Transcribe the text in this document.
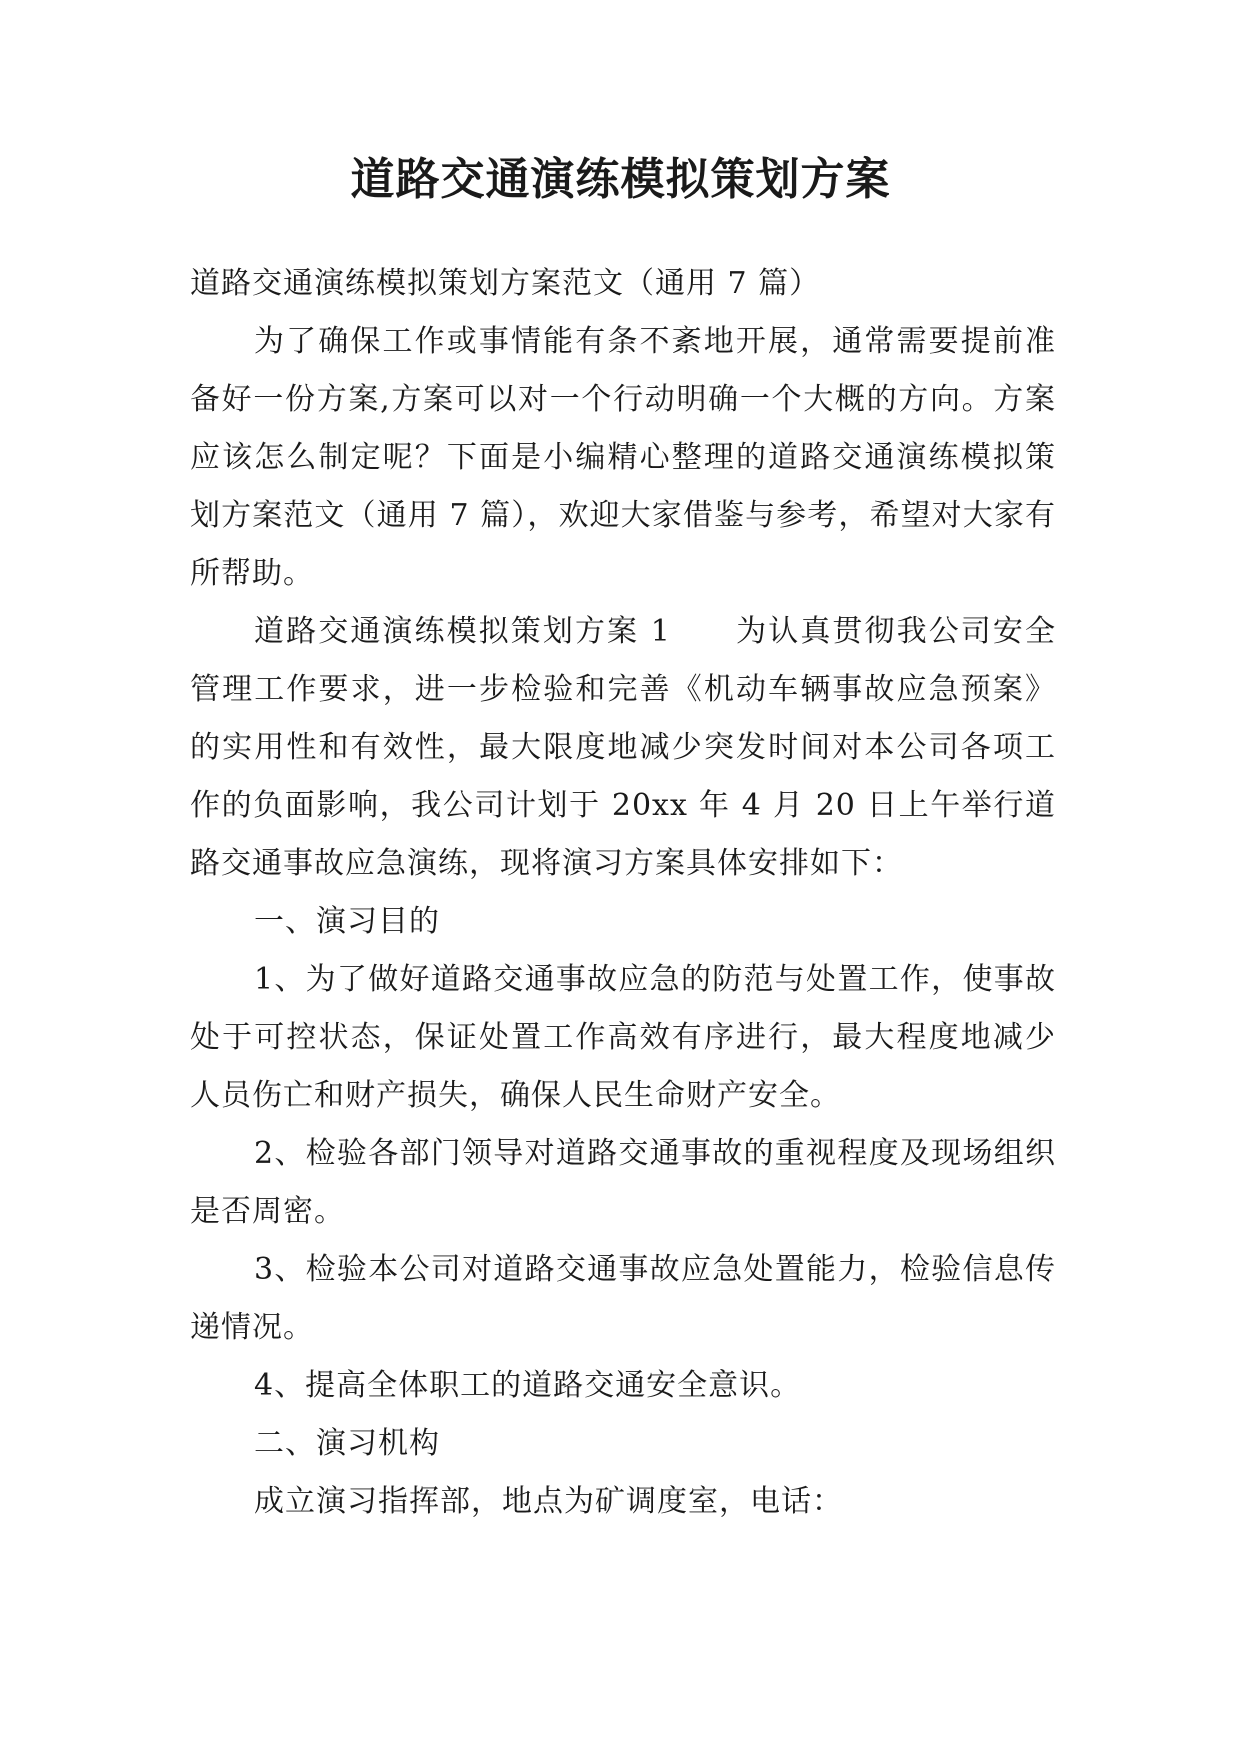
道路交通演练模拟策划方案

道路交通演练模拟策划方案范文（通用 7 篇）

为了确保工作或事情能有条不紊地开展，通常需要提前准备好一份方案,方案可以对一个行动明确一个大概的方向。方案应该怎么制定呢？下面是小编精心整理的道路交通演练模拟策划方案范文（通用 7 篇），欢迎大家借鉴与参考，希望对大家有所帮助。

道路交通演练模拟策划方案 1　　为认真贯彻我公司安全管理工作要求，进一步检验和完善《机动车辆事故应急预案》的实用性和有效性，最大限度地减少突发时间对本公司各项工作的负面影响，我公司计划于 20xx 年 4 月 20 日上午举行道路交通事故应急演练，现将演习方案具体安排如下：

一、演习目的

1、为了做好道路交通事故应急的防范与处置工作，使事故处于可控状态，保证处置工作高效有序进行，最大程度地减少人员伤亡和财产损失，确保人民生命财产安全。

2、检验各部门领导对道路交通事故的重视程度及现场组织是否周密。

3、检验本公司对道路交通事故应急处置能力，检验信息传递情况。

4、提高全体职工的道路交通安全意识。

二、演习机构

成立演习指挥部，地点为矿调度室，电话：
